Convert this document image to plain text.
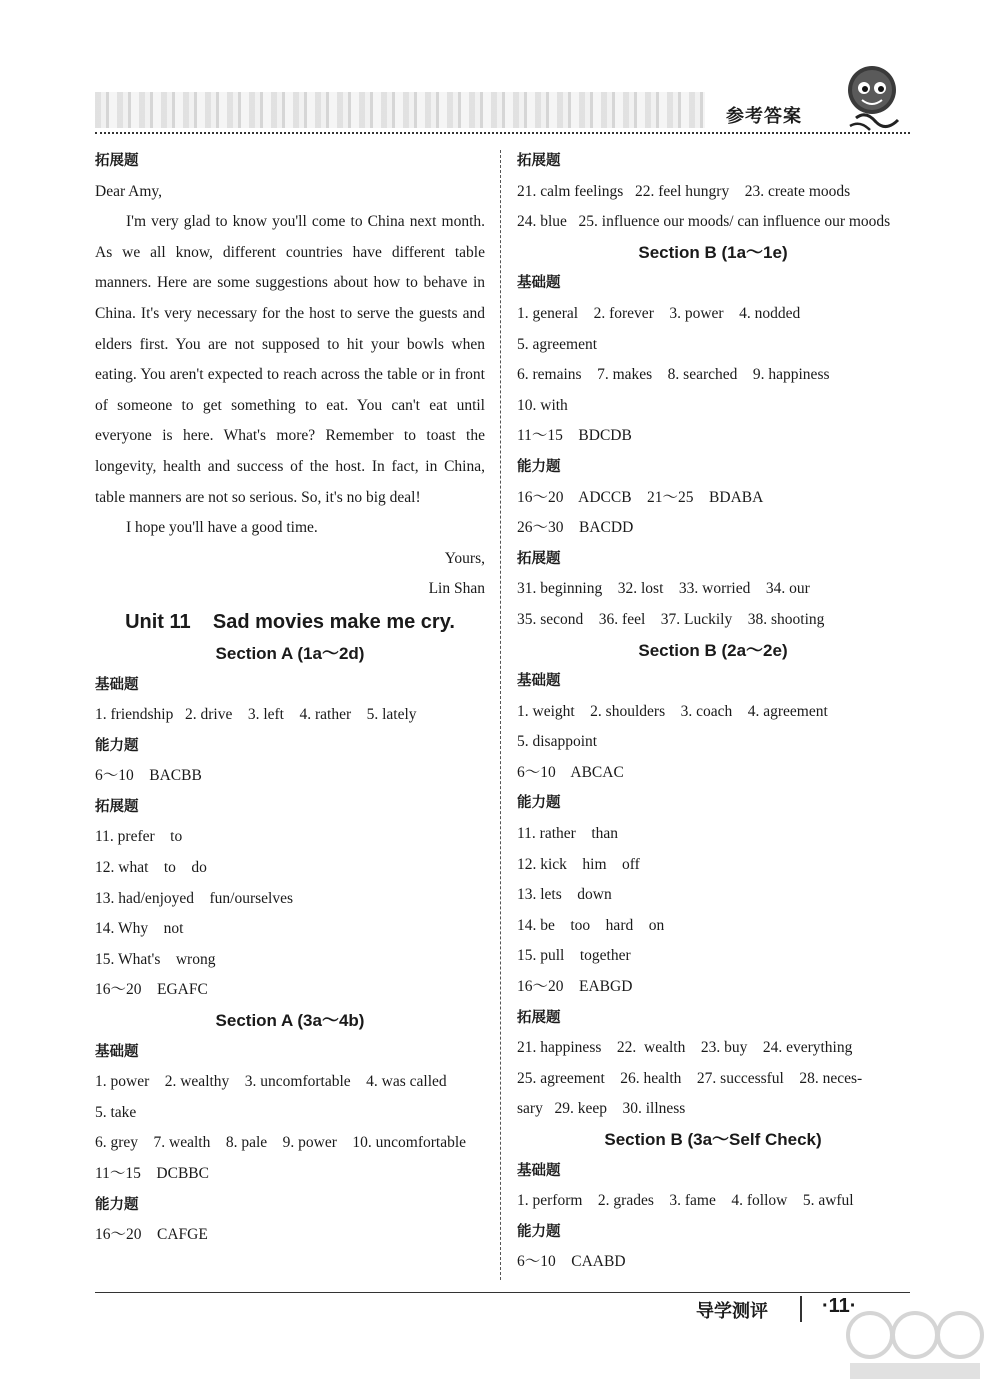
参考答案
拓展题
Dear Amy,
I'm very glad to know you'll come to China next month. As we all know, different countries have different table manners. Here are some suggestions about how to behave in China. It's very necessary for the host to serve the guests and elders first. You are not supposed to hit your bowls when eating. You aren't expected to reach across the table or in front of someone to get something to eat. You can't eat until everyone is here. What's more? Remember to toast the longevity, health and success of the host. In fact, in China, table manners are not so serious. So, it's no big deal!
I hope you'll have a good time.
Yours,
Lin Shan
Unit 11    Sad movies make me cry.
Section A (1a～2d)
基础题
1. friendship   2. drive    3. left    4. rather    5. lately
能力题
6～10    BACBB
拓展题
11. prefer    to
12. what    to    do
13. had/enjoyed    fun/ourselves
14. Why    not
15. What's    wrong
16～20    EGAFC
Section A (3a～4b)
基础题
1. power    2. wealthy    3. uncomfortable    4. was called
5. take
6. grey    7. wealth    8. pale    9. power    10. uncomfortable
11～15    DCBBC
能力题
16～20    CAFGE
拓展题
21. calm feelings   22. feel hungry    23. create moods
24. blue   25. influence our moods/ can influence our moods
Section B (1a～1e)
基础题
1. general    2. forever    3. power    4. nodded
5. agreement
6. remains    7. makes    8. searched    9. happiness
10. with
11～15    BDCDB
能力题
16～20    ADCCB    21～25    BDABA
26～30    BACDD
拓展题
31. beginning    32. lost    33. worried    34. our
35. second    36. feel    37. Luckily    38. shooting
Section B (2a～2e)
基础题
1. weight    2. shoulders    3. coach    4. agreement
5. disappoint
6～10    ABCAC
能力题
11. rather    than
12. kick    him    off
13. lets    down
14. be    too    hard    on
15. pull    together
16～20    EABGD
拓展题
21. happiness    22.  wealth    23. buy    24. everything
25. agreement    26. health    27. successful    28. neces-
sary   29. keep    30. illness
Section B (3a～Self Check)
基础题
1. perform    2. grades    3. fame    4. follow    5. awful
能力题
6～10    CAABD
导学测评	·11·
